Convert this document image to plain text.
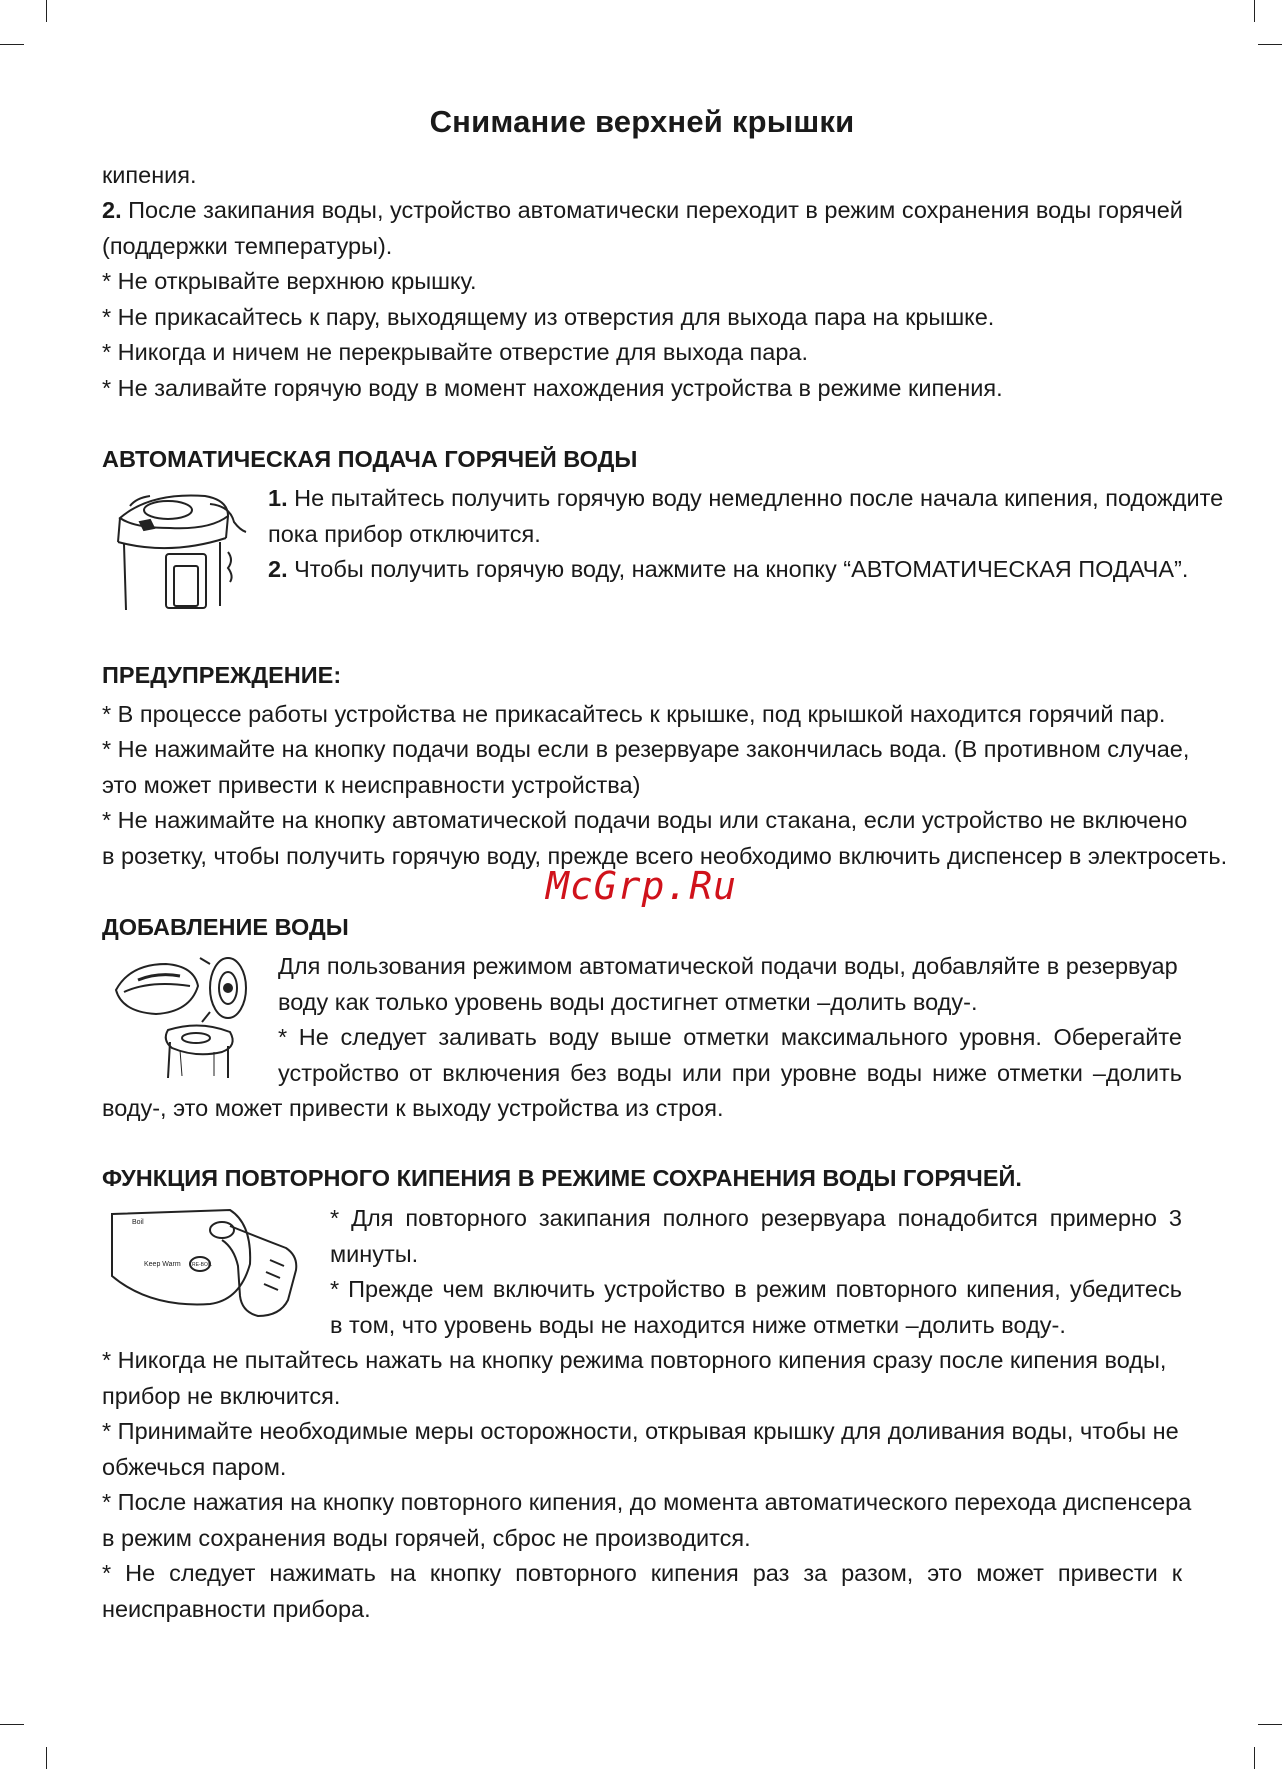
Снимание верхней крышки
кипения.
2. После закипания воды, устройство автоматически переходит в режим сохранения воды горячей
(поддержки температуры).
* Не открывайте верхнюю крышку.
* Не прикасайтесь к пару, выходящему из отверстия для выхода пара на крышке.
* Никогда и ничем не перекрывайте отверстие для выхода пара.
* Не заливайте горячую воду в момент нахождения устройства в режиме кипения.
АВТОМАТИЧЕСКАЯ ПОДАЧА ГОРЯЧЕЙ ВОДЫ
1. Не пытайтесь получить горячую воду немедленно после начала кипения, подождите
пока прибор отключится.
2. Чтобы получить горячую воду, нажмите на кнопку “АВТОМАТИЧЕСКАЯ ПОДАЧА”.
ПРЕДУПРЕЖДЕНИЕ:
* В процессе работы устройства не прикасайтесь к крышке, под крышкой находится горячий пар.
* Не нажимайте на кнопку подачи воды если в резервуаре закончилась вода. (В противном случае,
это может привести к неисправности устройства)
* Не нажимайте на кнопку автоматической подачи воды или стакана, если устройство не включено
в розетку, чтобы получить горячую воду, прежде всего необходимо включить диспенсер в электросеть.
ДОБАВЛЕНИЕ ВОДЫ
Для пользования режимом автоматической подачи воды, добавляйте в резервуар
воду как только уровень воды достигнет отметки –долить воду-.
* Не следует заливать воду выше отметки максимального уровня. Оберегайте
устройство от включения без воды или при уровне воды ниже отметки –долить
воду-, это может привести к выходу устройства из строя.
ФУНКЦИЯ ПОВТОРНОГО КИПЕНИЯ В РЕЖИМЕ СОХРАНЕНИЯ ВОДЫ ГОРЯЧЕЙ.
Boil
Keep Warm RE-BOIL
* Для повторного закипания полного резервуара понадобится примерно 3
минуты.
* Прежде чем включить устройство в режим повторного кипения, убедитесь
в том, что уровень воды не находится ниже отметки –долить воду-.
* Никогда не пытайтесь нажать на кнопку режима повторного кипения сразу после кипения воды,
прибор не включится.
* Принимайте необходимые меры осторожности, открывая крышку для доливания воды, чтобы не
обжечься паром.
* После нажатия на кнопку повторного кипения, до момента автоматического перехода диспенсера
в режим сохранения воды горячей, сброс не производится.
* Не следует нажимать на кнопку повторного кипения раз за разом, это может привести к
неисправности прибора.
McGrp.Ru
